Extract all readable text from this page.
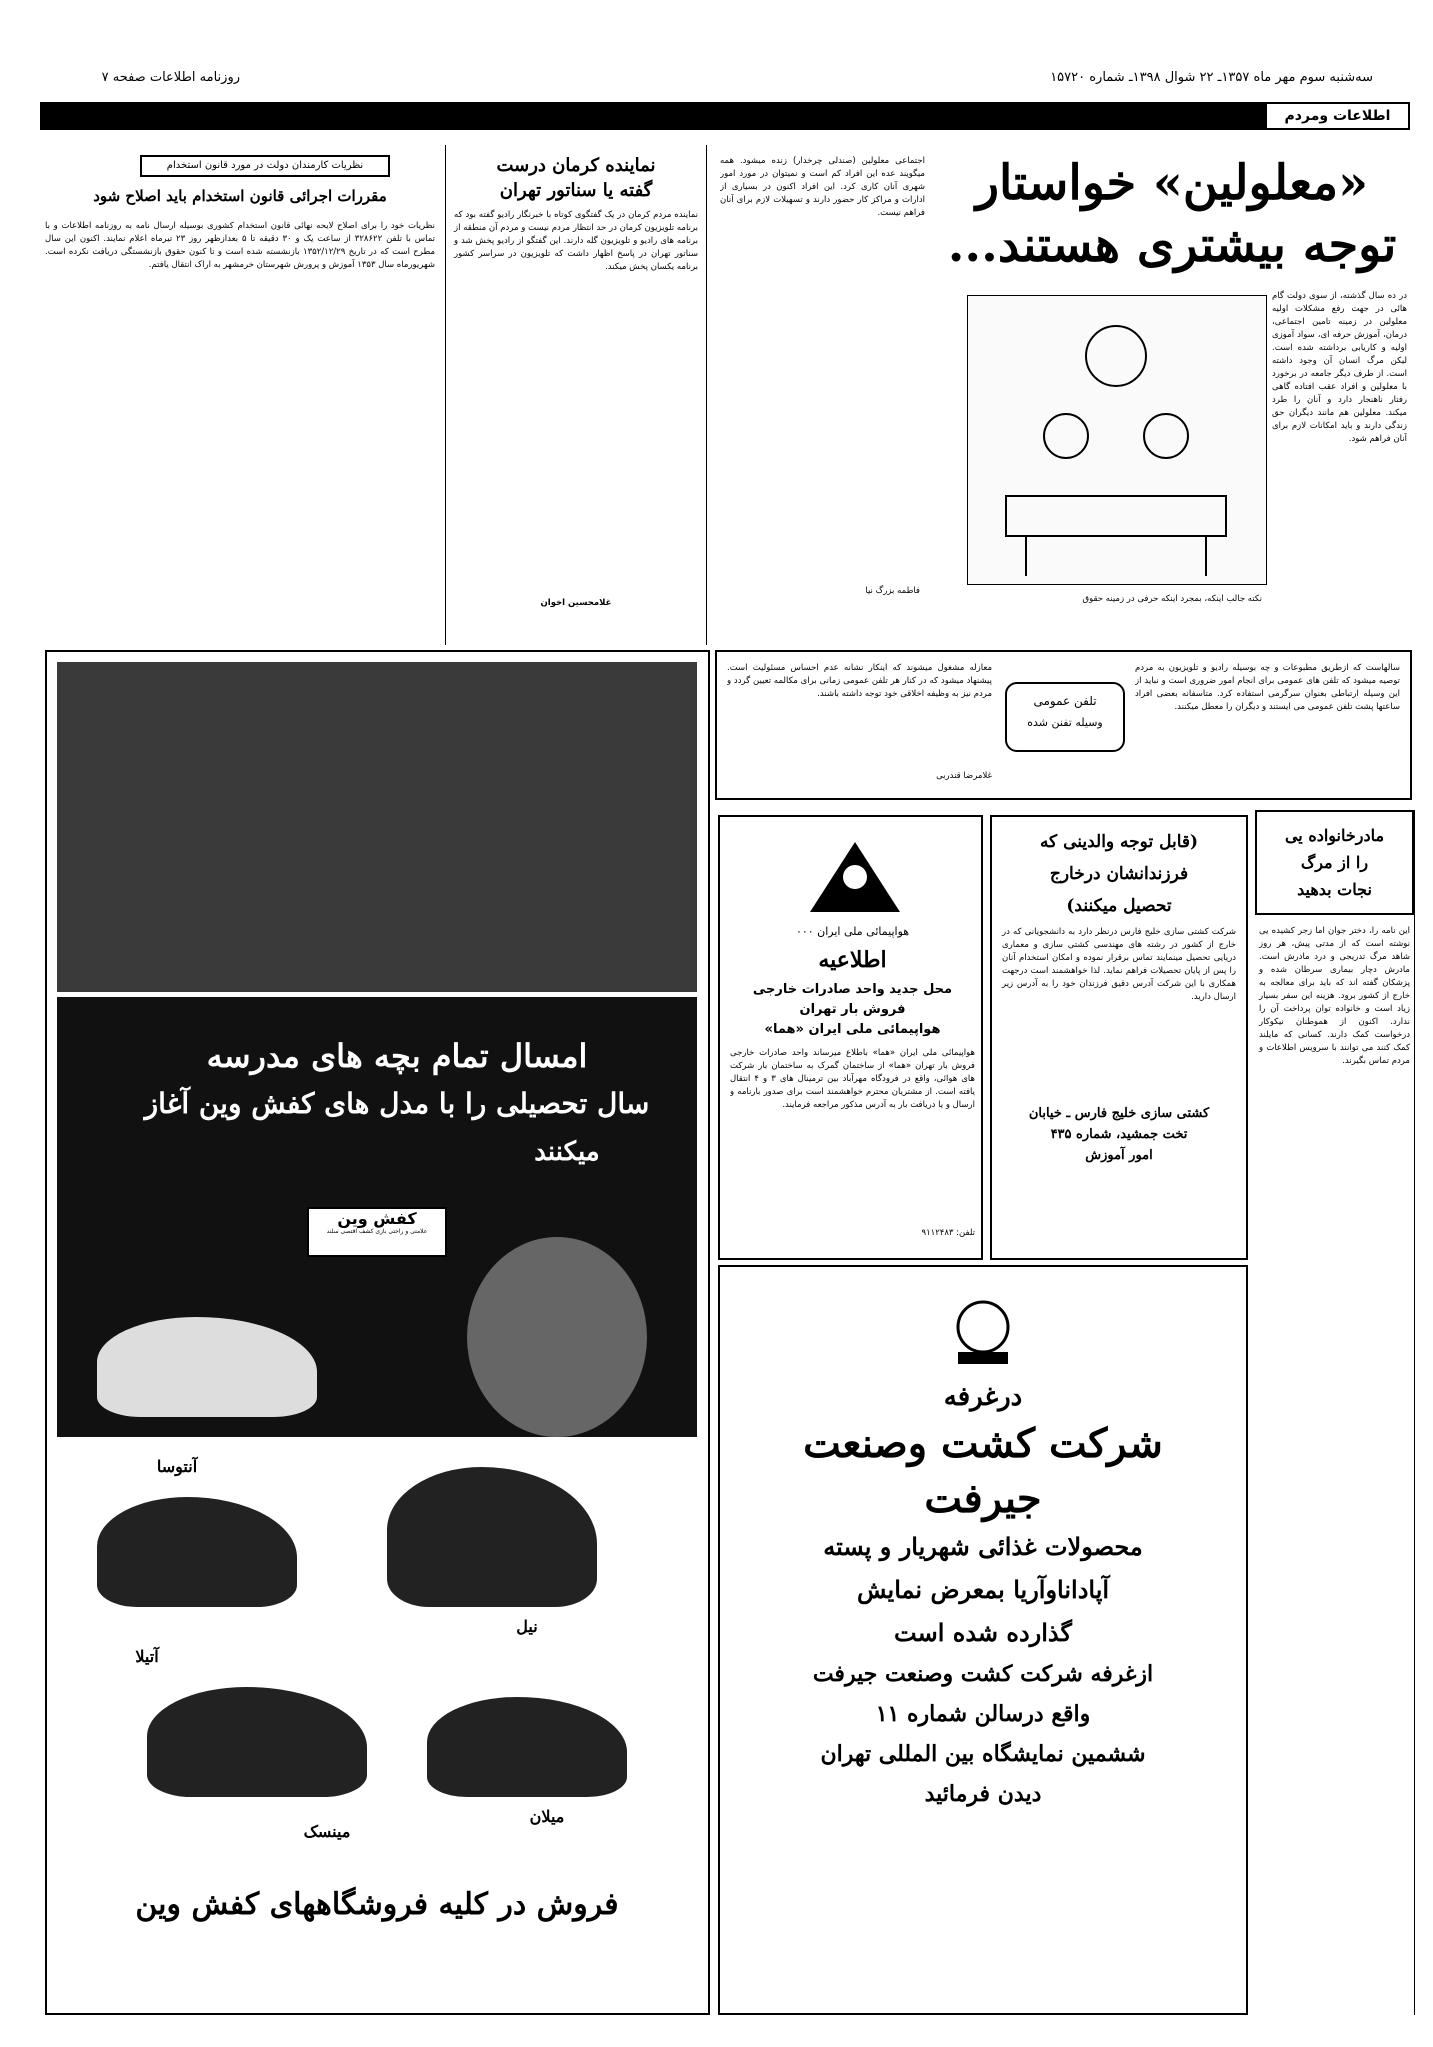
روزنامه اطلاعات صفحه ۷	سه‌شنبه سوم مهر ماه ۱۳۵۷ـ ۲۲ شوال ۱۳۹۸ـ شماره ۱۵۷۲۰
اطلاعات ومردم
«معلولین» خواستار
توجه بیشتری هستند...
اجتماعی معلولین (صندلی چرخدار) زنده میشود. همه میگویند عده این افراد کم است و نمیتوان در مورد امور شهری آنان کاری کرد. این افراد اکنون در بسیاری از ادارات و مراکز کار حضور دارند و تسهیلات لازم برای آنان فراهم نیست.
در ده سال گذشته، از سوی دولت گام هائی در جهت رفع مشکلات اولیه معلولین در زمینه تامین اجتماعی، درمان، آموزش حرفه ای، سواد آموزی اولیه و کاریابی برداشته شده است. لیکن مرگ انسان آن وجود داشته است. از طرف دیگر جامعه در برخورد با معلولین و افراد عقب افتاده گاهی رفتار ناهنجار دارد و آنان را طرد میکند. معلولین هم مانند دیگران حق زندگی دارند و باید امکانات لازم برای آنان فراهم شود.
نکته جالب اینکه، بمجرد اینکه حرفی در زمینه حقوق
فاطمه بزرگ نیا
نماینده کرمان درست
گفته یا سناتور تهران
نماینده مردم کرمان در یک گفتگوی کوتاه با خبرنگار رادیو گفته بود که برنامه تلویزیون کرمان در حد انتظار مردم نیست و مردم آن منطقه از برنامه های رادیو و تلویزیون گله دارند. این گفتگو از رادیو پخش شد و سناتور تهران در پاسخ اظهار داشت که تلویزیون در سراسر کشور برنامه یکسان پخش میکند.
غلامحسین اخوان
نظریات کارمندان دولت در مورد قانون استخدام
مقررات اجرائی قانون استخدام باید اصلاح شود
نظریات خود را برای اصلاح لایحه نهائی قانون استخدام کشوری بوسیله ارسال نامه به روزنامه اطلاعات و با تماس با تلفن ۳۲۸۶۲۲ از ساعت یک و ۳۰ دقیقه تا ۵ بعدازظهر روز ۲۳ تیرماه اعلام نمایند. اکنون این سال مطرح است که در تاریخ ۱۳۵۲/۱۲/۲۹ بازنشسته شده است و تا کنون حقوق بازنشستگی دریافت نکرده است. شهریورماه سال ۱۳۵۳ آموزش و پرورش شهرستان خرمشهر به اراک انتقال یافتم.
امسال تمام بچه های مدرسه
سال تحصیلی را با مدل های کفش وین آغاز
میکنند
کفش وین
علامتی و راحتی بازی کشف اقتصی سلند
آنتوسا
نیل
آتیلا
میلان
مینسک
فروش در کلیه فروشگاههای کفش وین
سالهاست که ازطریق مطبوعات و چه بوسیله رادیو و تلویزیون به مردم توصیه میشود که تلفن های عمومی برای انجام امور ضروری است و نباید از این وسیله ارتباطی بعنوان سرگرمی استفاده کرد. متاسفانه بعضی افراد ساعتها پشت تلفن عمومی می ایستند و دیگران را معطل میکنند.
تلفن عمومی
وسیله تفنن شده
معازله مشغول میشوند که اینکار نشانه عدم احساس مسئولیت است. پیشنهاد میشود که در کنار هر تلفن عمومی زمانی برای مکالمه تعیین گردد و مردم نیز به وظیفه اخلاقی خود توجه داشته باشند.
غلامرضا قندربی
مادرخانواده یی
را از مرگ
نجات بدهید
این نامه را، دختر جوان اما زجر کشیده یی نوشته است که از مدتی پیش، هر روز شاهد مرگ تدریجی و درد مادرش است. مادرش دچار بیماری سرطان شده و پزشکان گفته اند که باید برای معالجه به خارج از کشور برود. هزینه این سفر بسیار زیاد است و خانواده توان پرداخت آن را ندارد. اکنون از هموطنان نیکوکار درخواست کمک دارند. کسانی که مایلند کمک کنند می توانند با سرویس اطلاعات و مردم تماس بگیرند.
هواپیمائی ملی ایران ۰۰۰
اطلاعیه
محل جدید واحد صادرات خارجی
فروش بار تهران
هواپیمائی ملی ایران «هما»
هواپیمائی ملی ایران «هما» باطلاع میرساند واحد صادرات خارجی فروش بار تهران «هما» از ساختمان گمرک به ساختمان بار شرکت های هوائی، واقع در فرودگاه مهرآباد بین ترمینال های ۳ و ۴ انتقال یافته است. از مشتریان محترم خواهشمند است برای صدور بارنامه و ارسال و یا دریافت بار به آدرس مذکور مراجعه فرمایند.
تلفن: ۹۱۱۲۴۸۳
(قابل توجه والدینی که
فرزندانشان درخارج
تحصیل میکنند)
شرکت کشتی سازی خلیج فارس درنظر دارد به دانشجویانی که در خارج از کشور در رشته های مهندسی کشتی سازی و معماری دریایی تحصیل مینمایند تماس برقرار نموده و امکان استخدام آنان را پس از پایان تحصیلات فراهم نماید. لذا خواهشمند است درجهت همکاری با این شرکت آدرس دقیق فرزندان خود را به آدرس زیر ارسال دارید.
کشتی سازی خلیج فارس ـ خیابان
تخت جمشید، شماره ۴۳۵
امور آموزش
درغرفه
شرکت کشت وصنعت
جیرفت
محصولات غذائی شهریار و پسته
آپاداناوآریا بمعرض نمایش
گذارده شده است
ازغرفه شرکت کشت وصنعت جیرفت
واقع درسالن شماره ۱۱
ششمین نمایشگاه بین المللی تهران
دیدن فرمائید
